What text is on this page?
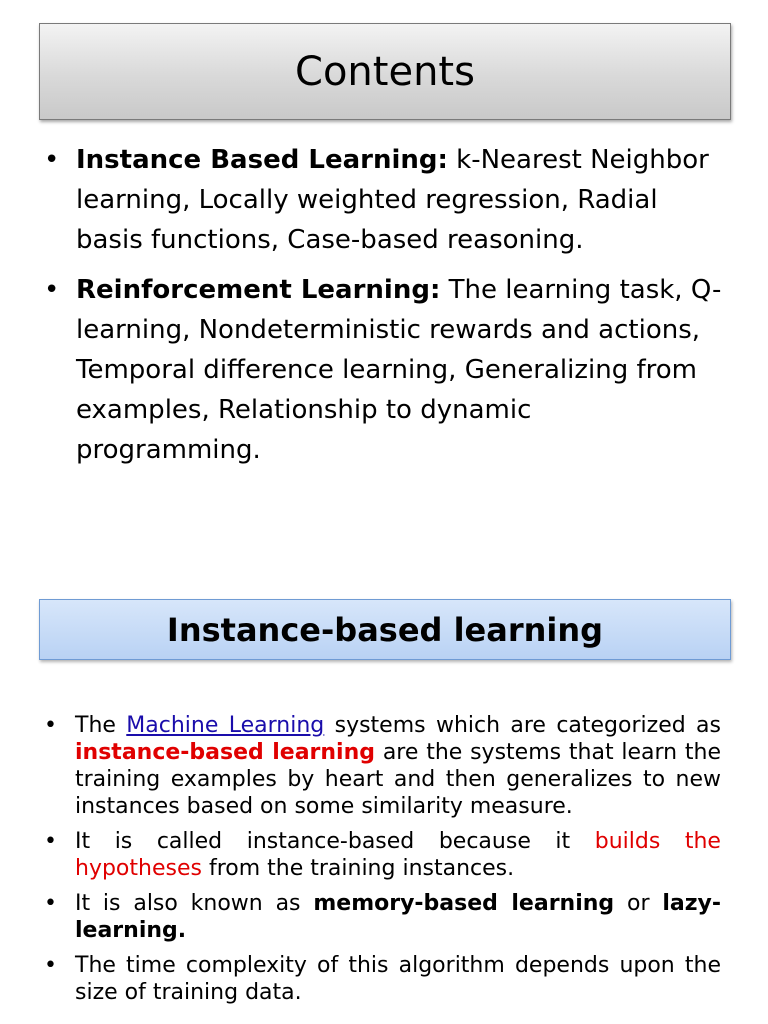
Contents
• Instance Based Learning: k-Nearest Neighbor learning, Locally weighted regression, Radial basis functions, Case-based reasoning.
• Reinforcement Learning: The learning task, Q-learning, Nondeterministic rewards and actions, Temporal difference learning, Generalizing from examples, Relationship to dynamic programming.
Instance-based learning
• The Machine Learning systems which are categorized as instance-based learning are the systems that learn the training examples by heart and then generalizes to new instances based on some similarity measure.
• It is called instance-based because it builds the hypotheses from the training instances.
• It is also known as memory-based learning or lazy-learning.
• The time complexity of this algorithm depends upon the size of training data.
